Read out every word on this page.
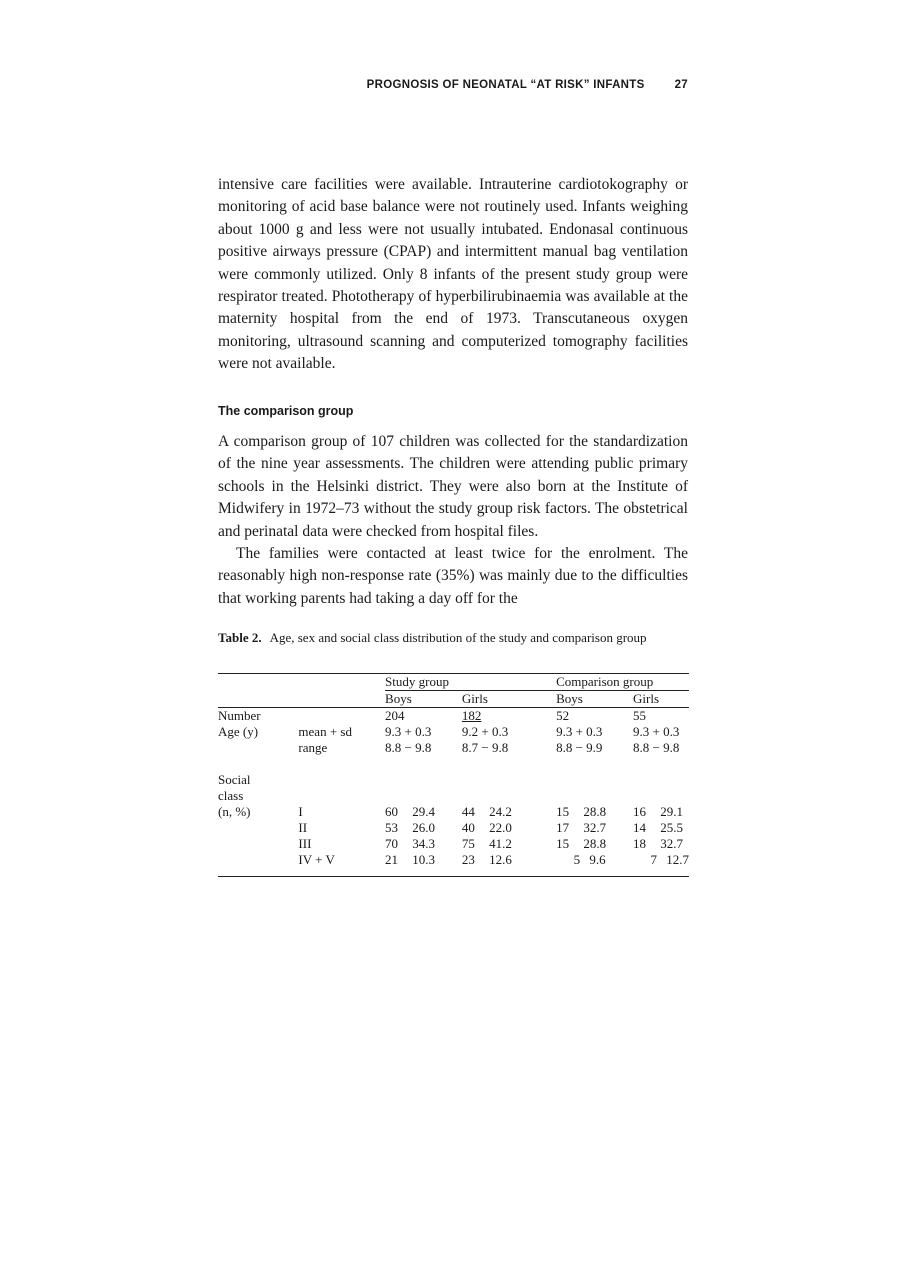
PROGNOSIS OF NEONATAL “AT RISK” INFANTS	27

intensive care facilities were available. Intrauterine cardiotokography or monitoring of acid base balance were not routinely used. Infants weighing about 1000 g and less were not usually intubated. Endonasal continuous positive airways pressure (CPAP) and intermittent manual bag ventilation were commonly utilized. Only 8 infants of the present study group were respirator treated. Phototherapy of hyperbilirubinaemia was available at the maternity hospital from the end of 1973. Transcutaneous oxygen monitoring, ultrasound scanning and computerized tomography facilities were not available.

The comparison group

A comparison group of 107 children was collected for the standardization of the nine year assessments. The children were attending public primary schools in the Helsinki district. They were also born at the Institute of Midwifery in 1972–73 without the study group risk factors. The obstetrical and perinatal data were checked from hospital files.

The families were contacted at least twice for the enrolment. The reasonably high non-response rate (35%) was mainly due to the difficulties that working parents had taking a day off for the

Table 2. Age, sex and social class distribution of the study and comparison group
		Study group			Comparison group	
		Boys	Girls		Boys	Girls
Number		204	182		52	55
Age (y)	mean + sd	9.3 + 0.3	9.2 + 0.3		9.3 + 0.3	9.3 + 0.3
	range	8.8 − 9.8	8.7 − 9.8		8.8 − 9.9	8.8 − 9.8

Social						
class						
(n, %)	I	60 29.4	44 24.2		15 28.8	16 29.1
	II	53 26.0	40 22.0		17 32.7	14 25.5
	III	70 34.3	75 41.2		15 28.8	18 32.7
	IV + V	21 10.3	23 12.6		5 9.6	7 12.7
